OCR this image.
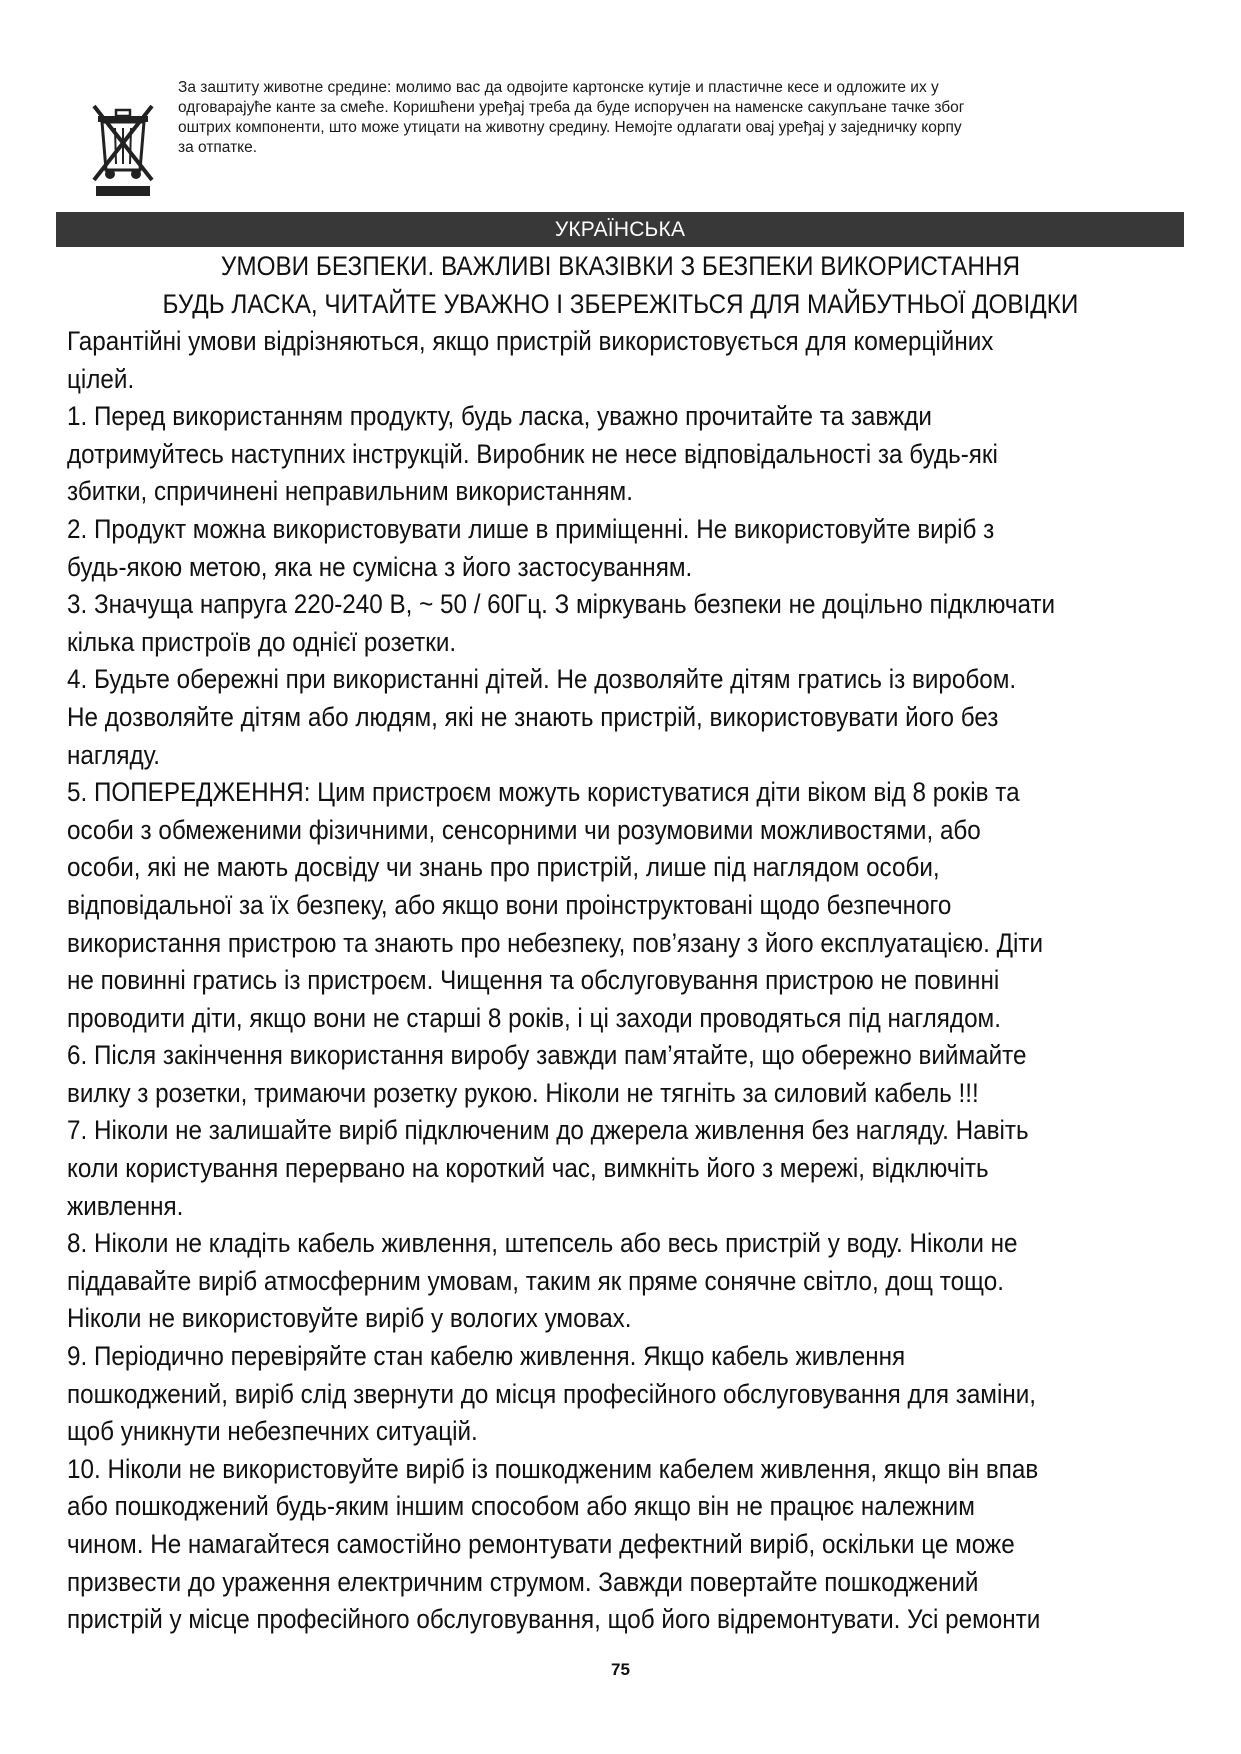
За заштиту животне средине: молимо вас да одвојите картонске кутије и пластичне кесе и одложите их у
одговарајуће канте за смеће. Коришћени уређај треба да буде испоручен на наменске сакупљане тачке због
оштрих компоненти, што може утицати на животну средину. Немојте одлагати овај уређај у заједничку корпу
за отпатке.
УКРАЇНСЬКА
УМОВИ БЕЗПЕКИ. ВАЖЛИВІ ВКАЗІВКИ З БЕЗПЕКИ ВИКОРИСТАННЯ
БУДЬ ЛАСКА, ЧИТАЙТЕ УВАЖНО І ЗБЕРЕЖІТЬСЯ ДЛЯ МАЙБУТНЬОЇ ДОВІДКИ
Гарантійні умови відрізняються, якщо пристрій використовується для комерційних
цілей.
1. Перед використанням продукту, будь ласка, уважно прочитайте та завжди
дотримуйтесь наступних інструкцій. Виробник не несе відповідальності за будь-які
збитки, спричинені неправильним використанням.
2. Продукт можна використовувати лише в приміщенні. Не використовуйте виріб з
будь-якою метою, яка не сумісна з його застосуванням.
3. Значуща напруга 220-240 В, ~ 50 / 60Гц. З міркувань безпеки не доцільно підключати
кілька пристроїв до однієї розетки.
4. Будьте обережні при використанні дітей. Не дозволяйте дітям гратись із виробом.
Не дозволяйте дітям або людям, які не знають пристрій, використовувати його без
нагляду.
5. ПОПЕРЕДЖЕННЯ: Цим пристроєм можуть користуватися діти віком від 8 років та
особи з обмеженими фізичними, сенсорними чи розумовими можливостями, або
особи, які не мають досвіду чи знань про пристрій, лише під наглядом особи,
відповідальної за їх безпеку, або якщо вони проінструктовані щодо безпечного
використання пристрою та знають про небезпеку, пов’язану з його експлуатацією. Діти
не повинні гратись із пристроєм. Чищення та обслуговування пристрою не повинні
проводити діти, якщо вони не старші 8 років, і ці заходи проводяться під наглядом.
6. Після закінчення використання виробу завжди пам’ятайте, що обережно виймайте
вилку з розетки, тримаючи розетку рукою. Ніколи не тягніть за силовий кабель !!!
7. Ніколи не залишайте виріб підключеним до джерела живлення без нагляду. Навіть
коли користування перервано на короткий час, вимкніть його з мережі, відключіть
живлення.
8. Ніколи не кладіть кабель живлення, штепсель або весь пристрій у воду. Ніколи не
піддавайте виріб атмосферним умовам, таким як пряме сонячне світло, дощ тощо.
Ніколи не використовуйте виріб у вологих умовах.
9. Періодично перевіряйте стан кабелю живлення. Якщо кабель живлення
пошкоджений, виріб слід звернути до місця професійного обслуговування для заміни,
щоб уникнути небезпечних ситуацій.
10. Ніколи не використовуйте виріб із пошкодженим кабелем живлення, якщо він впав
або пошкоджений будь-яким іншим способом або якщо він не працює належним
чином. Не намагайтеся самостійно ремонтувати дефектний виріб, оскільки це може
призвести до ураження електричним струмом. Завжди повертайте пошкоджений
пристрій у місце професійного обслуговування, щоб його відремонтувати. Усі ремонти
75
